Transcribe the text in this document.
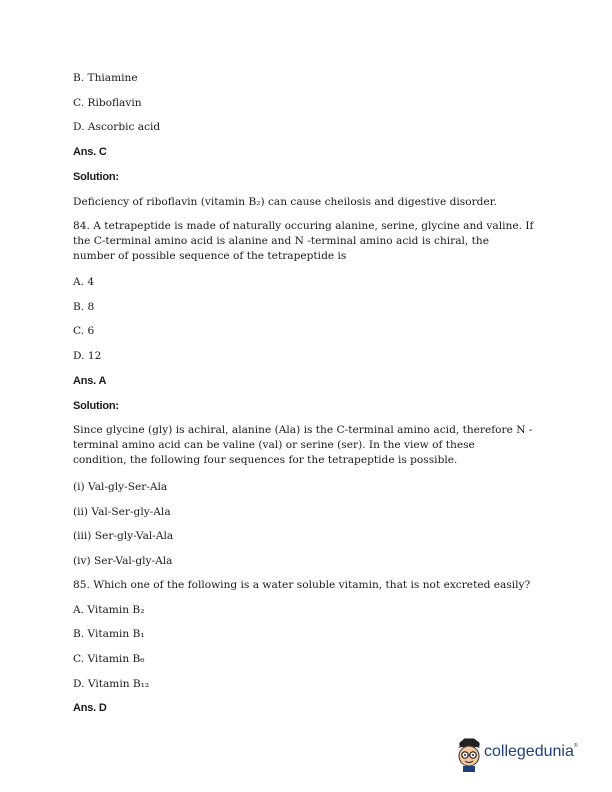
B. Thiamine
C. Riboflavin
D. Ascorbic acid
Ans. C
Solution:
Deficiency of riboflavin (vitamin B₂) can cause cheilosis and digestive disorder.
84. A tetrapeptide is made of naturally occuring alanine, serine, glycine and valine. If
the C-terminal amino acid is alanine and N -terminal amino acid is chiral, the
number of possible sequence of the tetrapeptide is
A. 4
B. 8
C. 6
D. 12
Ans. A
Solution:
Since glycine (gly) is achiral, alanine (Ala) is the C-terminal amino acid, therefore N -
terminal amino acid can be valine (val) or serine (ser). In the view of these
condition, the following four sequences for the tetrapeptide is possible.
(i) Val-gly-Ser-Ala
(ii) Val-Ser-gly-Ala
(iii) Ser-gly-Val-Ala
(iv) Ser-Val-gly-Ala
85. Which one of the following is a water soluble vitamin, that is not excreted easily?
A. Vitamin B₂
B. Vitamin B₁
C. Vitamin B₆
D. Vitamin B₁₂
Ans. D
collegedunia®
